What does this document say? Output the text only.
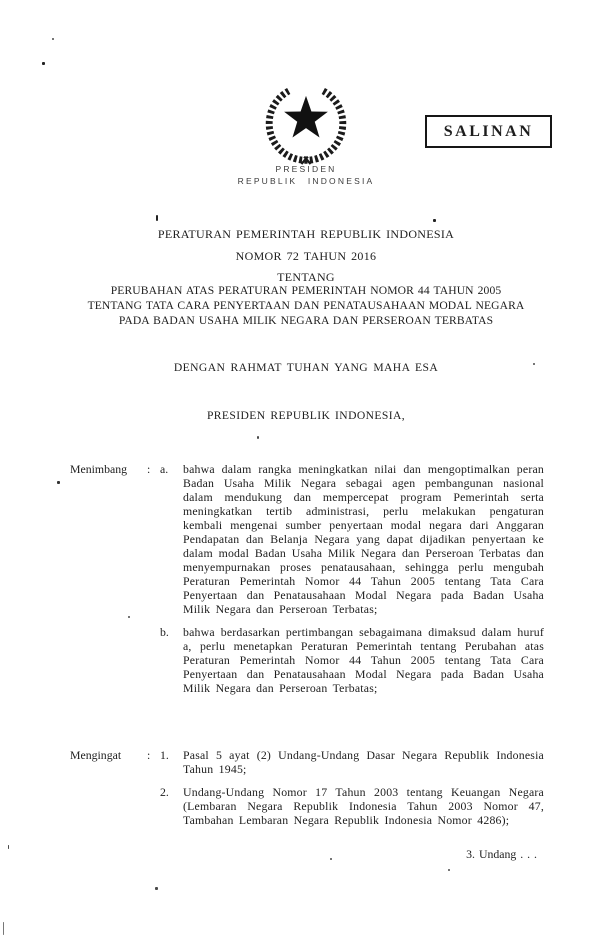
SALINAN
PRESIDEN
REPUBLIK INDONESIA
PERATURAN PEMERINTAH REPUBLIK INDONESIA
NOMOR 72 TAHUN 2016
TENTANG
PERUBAHAN ATAS PERATURAN PEMERINTAH NOMOR 44 TAHUN 2005
TENTANG TATA CARA PENYERTAAN DAN PENATAUSAHAAN MODAL NEGARA
PADA BADAN USAHA MILIK NEGARA DAN PERSEROAN TERBATAS
DENGAN RAHMAT TUHAN YANG MAHA ESA
PRESIDEN REPUBLIK INDONESIA,
Menimbang	: a.	bahwa dalam rangka meningkatkan nilai dan mengoptimalkan peran Badan Usaha Milik Negara sebagai agen pembangunan nasional dalam mendukung dan mempercepat program Pemerintah serta meningkatkan tertib administrasi, perlu melakukan pengaturan kembali mengenai sumber penyertaan modal negara dari Anggaran Pendapatan dan Belanja Negara yang dapat dijadikan penyertaan ke dalam modal Badan Usaha Milik Negara dan Perseroan Terbatas dan menyempurnakan proses penatausahaan, sehingga perlu mengubah Peraturan Pemerintah Nomor 44 Tahun 2005 tentang Tata Cara Penyertaan dan Penatausahaan Modal Negara pada Badan Usaha Milik Negara dan Perseroan Terbatas;
b.	bahwa berdasarkan pertimbangan sebagaimana dimaksud dalam huruf a, perlu menetapkan Peraturan Pemerintah tentang Perubahan atas Peraturan Pemerintah Nomor 44 Tahun 2005 tentang Tata Cara Penyertaan dan Penatausahaan Modal Negara pada Badan Usaha Milik Negara dan Perseroan Terbatas;
Mengingat	: 1.	Pasal 5 ayat (2) Undang-Undang Dasar Negara Republik Indonesia Tahun 1945;
2.	Undang-Undang Nomor 17 Tahun 2003 tentang Keuangan Negara (Lembaran Negara Republik Indonesia Tahun 2003 Nomor 47, Tambahan Lembaran Negara Republik Indonesia Nomor 4286);
3. Undang . . .
